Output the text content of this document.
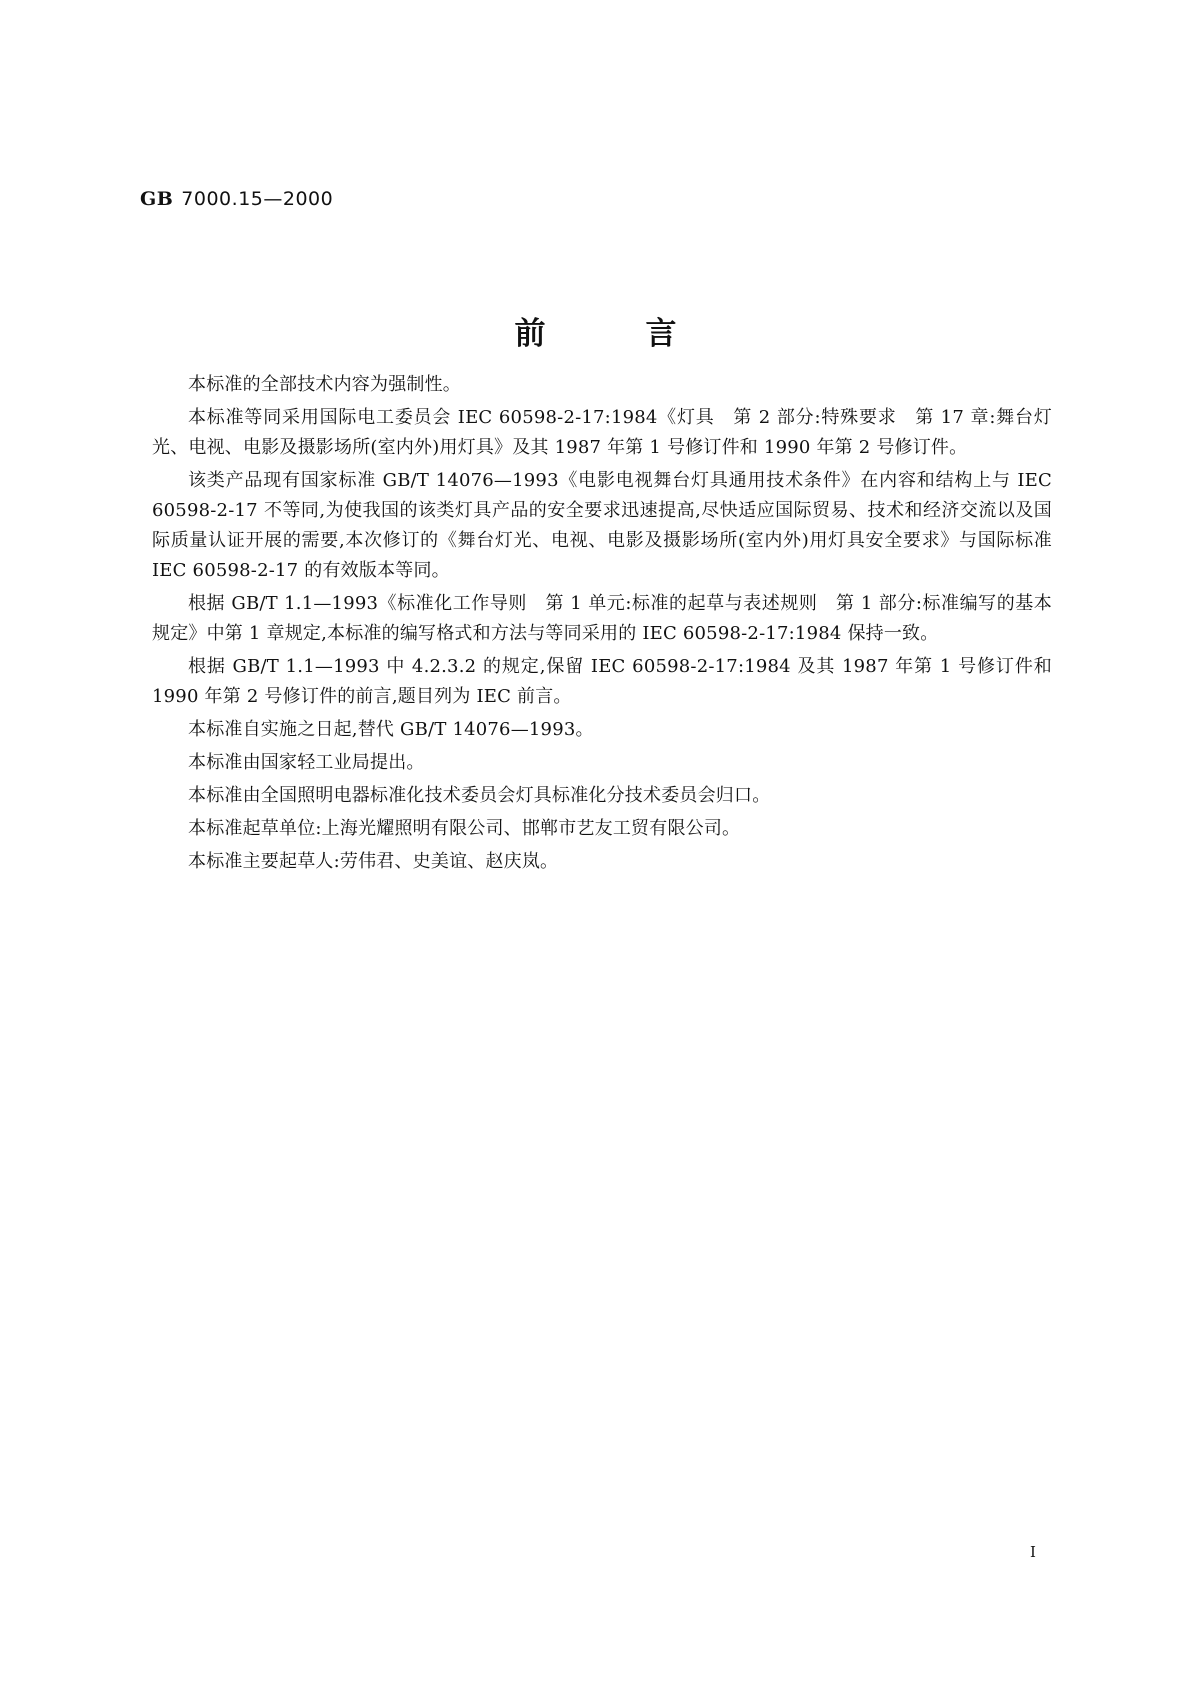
GB 7000.15—2000
前	言

本标准的全部技术内容为强制性。

本标准等同采用国际电工委员会 IEC 60598-2-17:1984《灯具　第 2 部分:特殊要求　第 17 章:舞台灯光、电视、电影及摄影场所(室内外)用灯具》及其 1987 年第 1 号修订件和 1990 年第 2 号修订件。

该类产品现有国家标准 GB/T 14076—1993《电影电视舞台灯具通用技术条件》在内容和结构上与 IEC 60598-2-17 不等同,为使我国的该类灯具产品的安全要求迅速提高,尽快适应国际贸易、技术和经济交流以及国际质量认证开展的需要,本次修订的《舞台灯光、电视、电影及摄影场所(室内外)用灯具安全要求》与国际标准 IEC 60598-2-17 的有效版本等同。

根据 GB/T 1.1—1993《标准化工作导则　第 1 单元:标准的起草与表述规则　第 1 部分:标准编写的基本规定》中第 1 章规定,本标准的编写格式和方法与等同采用的 IEC 60598-2-17:1984 保持一致。

根据 GB/T 1.1—1993 中 4.2.3.2 的规定,保留 IEC 60598-2-17:1984 及其 1987 年第 1 号修订件和 1990 年第 2 号修订件的前言,题目列为 IEC 前言。

本标准自实施之日起,替代 GB/T 14076—1993。

本标准由国家轻工业局提出。

本标准由全国照明电器标准化技术委员会灯具标准化分技术委员会归口。

本标准起草单位:上海光耀照明有限公司、邯郸市艺友工贸有限公司。

本标准主要起草人:劳伟君、史美谊、赵庆岚。

I
